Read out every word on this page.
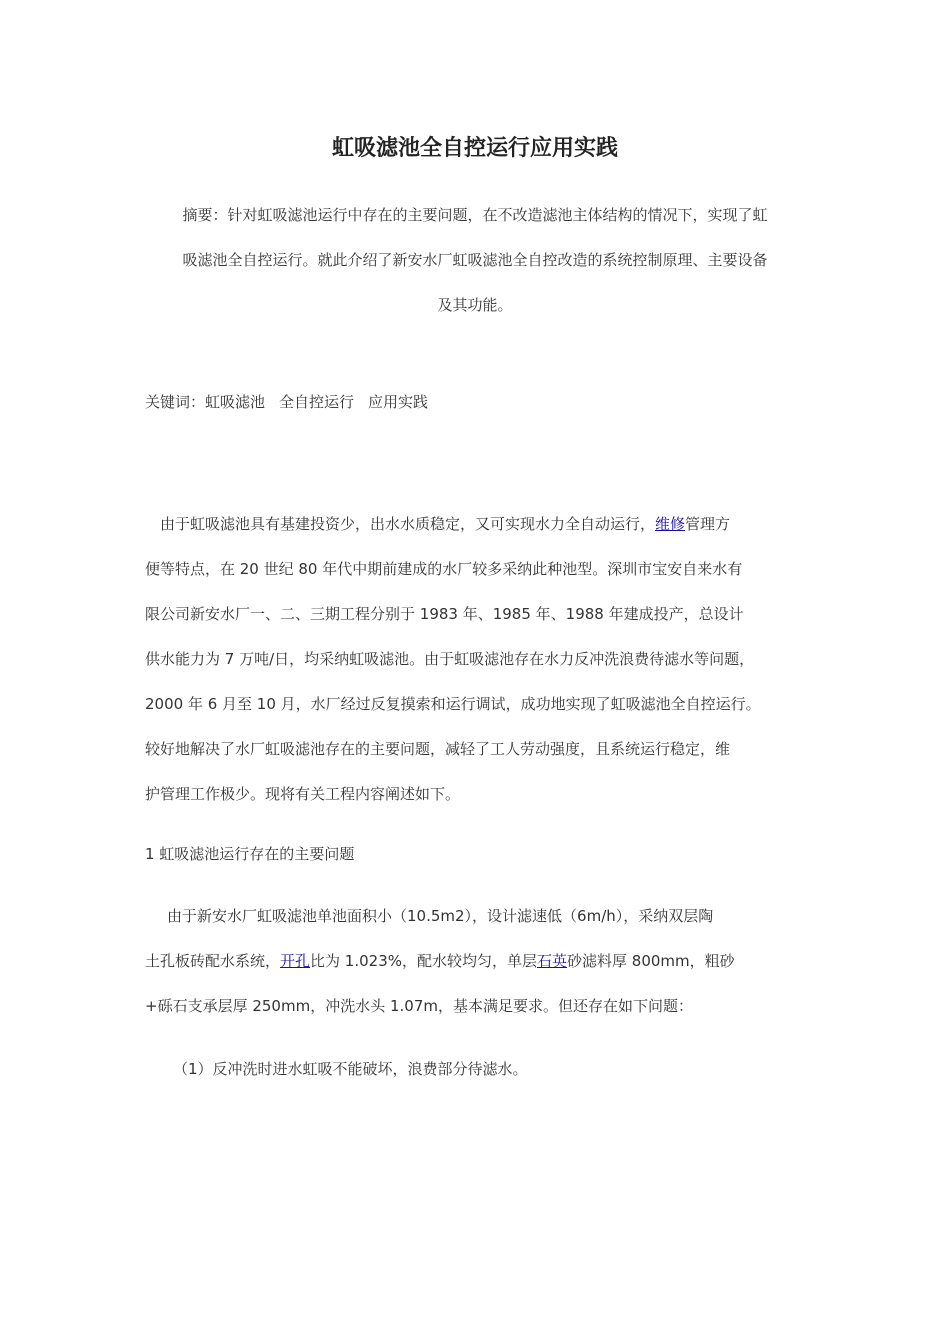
虹吸滤池全自控运行应用实践
摘要：针对虹吸滤池运行中存在的主要问题，在不改造滤池主体结构的情况下，实现了虹
吸滤池全自控运行。就此介绍了新安水厂虹吸滤池全自控改造的系统控制原理、主要设备
及其功能。
关键词：虹吸滤池 全自控运行 应用实践
由于虹吸滤池具有基建投资少，出水水质稳定，又可实现水力全自动运行，维修管理方
便等特点，在 20 世纪 80 年代中期前建成的水厂较多采纳此种池型。深圳市宝安自来水有
限公司新安水厂一、二、三期工程分别于 1983 年、1985 年、1988 年建成投产，总设计
供水能力为 7 万吨/日，均采纳虹吸滤池。由于虹吸滤池存在水力反冲洗浪费待滤水等问题，
2000 年 6 月至 10 月，水厂经过反复摸索和运行调试，成功地实现了虹吸滤池全自控运行。
较好地解决了水厂虹吸滤池存在的主要问题，减轻了工人劳动强度，且系统运行稳定，维
护管理工作极少。现将有关工程内容阐述如下。
1 虹吸滤池运行存在的主要问题
由于新安水厂虹吸滤池单池面积小（10.5m2），设计滤速低（6m/h），采纳双层陶
土孔板砖配水系统，开孔比为 1.023%，配水较均匀，单层石英砂滤料厚 800mm，粗砂
+砾石支承层厚 250mm，冲洗水头 1.07m，基本满足要求。但还存在如下问题：
（1）反冲洗时进水虹吸不能破坏，浪费部分待滤水。
